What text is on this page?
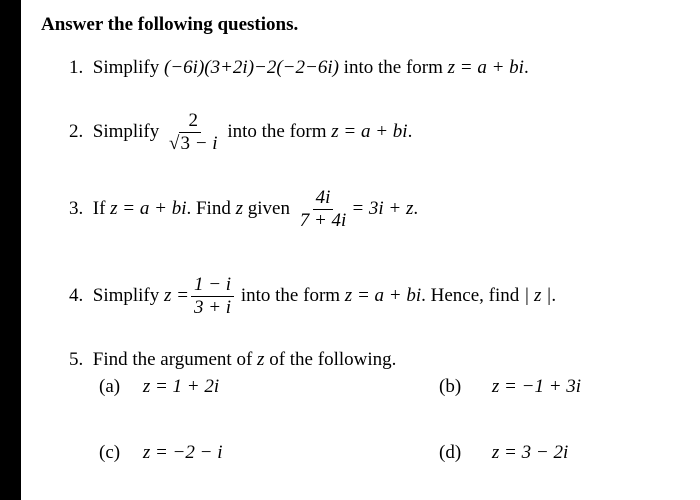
Answer the following questions.
1. Simplify (−6i)(3+2i)−2(−2−6i) into the form z = a + bi.
2. Simplify $\frac{2}{√3 - i}$ into the form z = a + bi.
3. If z = a + bi. Find z given $\frac{4i}{7 + 4i} = 3i + z$.
4. Simplify $z = \frac{1 - i}{3 + i}$ into the form z = a + bi. Hence, find | z |.
5. Find the argument of z of the following.
(a) z = 1 + 2i	(b) z = −1 + 3i
(c) z = −2 − i	(d) z = 3 − 2i
